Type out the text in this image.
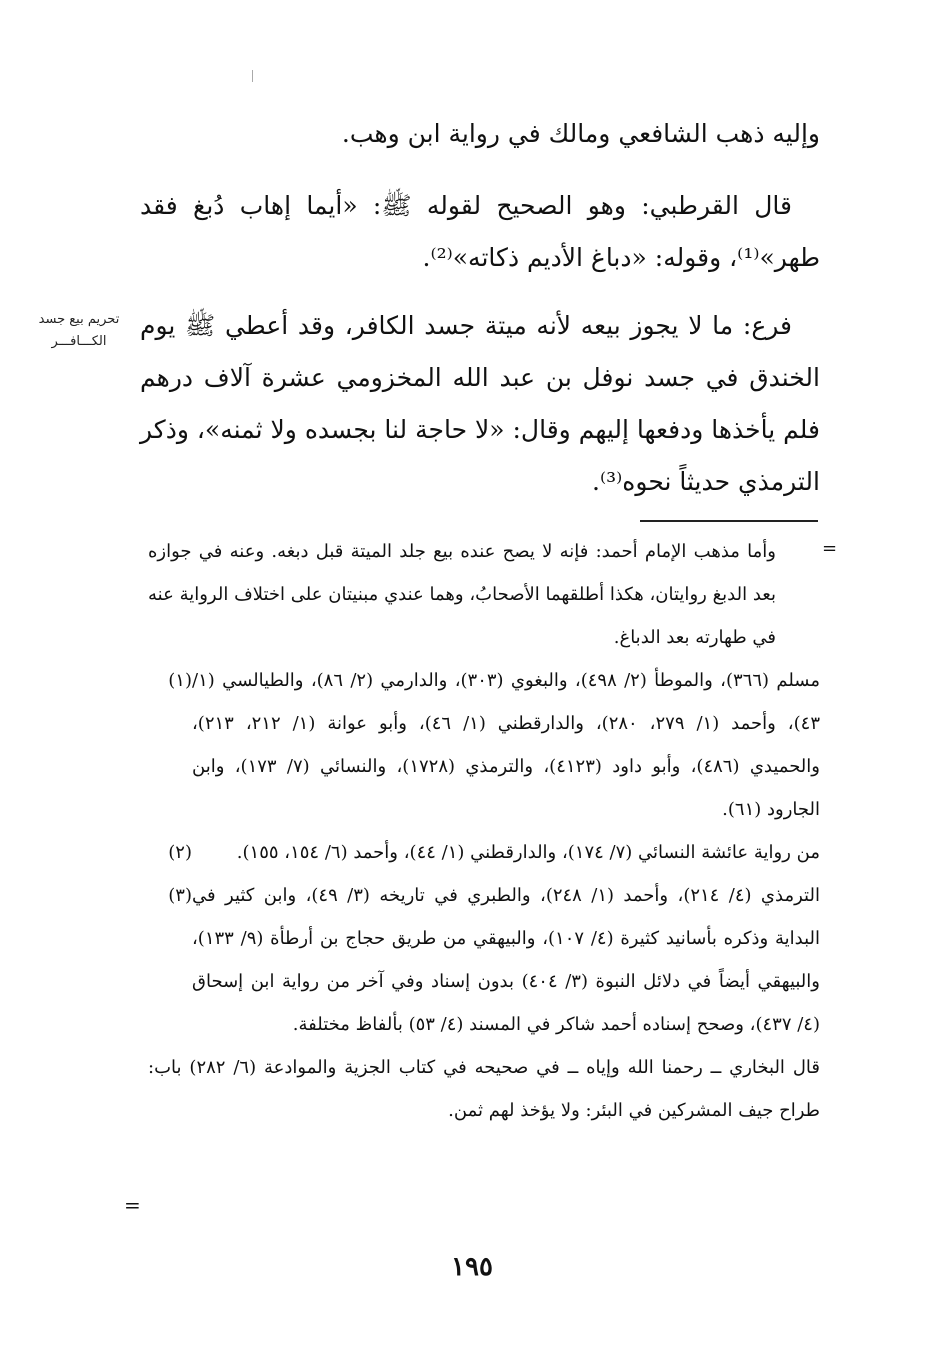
وإليه ذهب الشافعي ومالك في رواية ابن وهب.

قال القرطبي: وهو الصحيح لقوله ﷺ: «أيما إهاب دُبغ فقد طهر»⁽¹⁾، وقوله: «دباغ الأديم ذكاته»⁽²⁾.

فرع: ما لا يجوز بيعه لأنه ميتة جسد الكافر، وقد أعطي ﷺ يوم الخندق في جسد نوفل بن عبد الله المخزومي عشرة آلاف درهم فلم يأخذها ودفعها إليهم وقال: «لا حاجة لنا بجسده ولا ثمنه»، وذكر الترمذي حديثاً نحوه⁽³⁾.

تحريم بيع جسد
الكـــافـــر
=
وأما مذهب الإمام أحمد: فإنه لا يصح عنده بيع جلد الميتة قبل دبغه. وعنه في جوازه بعد الدبغ روايتان، هكذا أطلقهما الأصحابُ، وهما عندي مبنيتان على اختلاف الرواية عنه في طهارته بعد الدباغ.
(١) مسلم (٣٦٦)، والموطأ (٢/ ٤٩٨)، والبغوي (٣٠٣)، والدارمي (٢/ ٨٦)، والطيالسي (١/ ٤٣)، وأحمد (١/ ٢٧٩، ٢٨٠)، والدارقطني (١/ ٤٦)، وأبو عوانة (١/ ٢١٢، ٢١٣)، والحميدي (٤٨٦)، وأبو داود (٤١٢٣)، والترمذي (١٧٢٨)، والنسائي (٧/ ١٧٣)، وابن الجارود (٦١).
(٢)	من رواية عائشة النسائي (٧/ ١٧٤)، والدارقطني (١/ ٤٤)، وأحمد (٦/ ١٥٤، ١٥٥).
(٣) الترمذي (٤/ ٢١٤)، وأحمد (١/ ٢٤٨)، والطبري في تاريخه (٣/ ٤٩)، وابن كثير في البداية وذكره بأسانيد كثيرة (٤/ ١٠٧)، والبيهقي من طريق حجاج بن أرطأة (٩/ ١٣٣)، والبيهقي أيضاً في دلائل النبوة (٣/ ٤٠٤) بدون إسناد وفي آخر من رواية ابن إسحاق (٤/ ٤٣٧)، وصحح إسناده أحمد شاكر في المسند (٤/ ٥٣) بألفاظ مختلفة.
قال البخاري ــ رحمنا الله وإياه ــ في صحيحه في كتاب الجزية والموادعة (٦/ ٢٨٢) باب: طراح جيف المشركين في البئر: ولا يؤخذ لهم ثمن.
=
١٩٥
